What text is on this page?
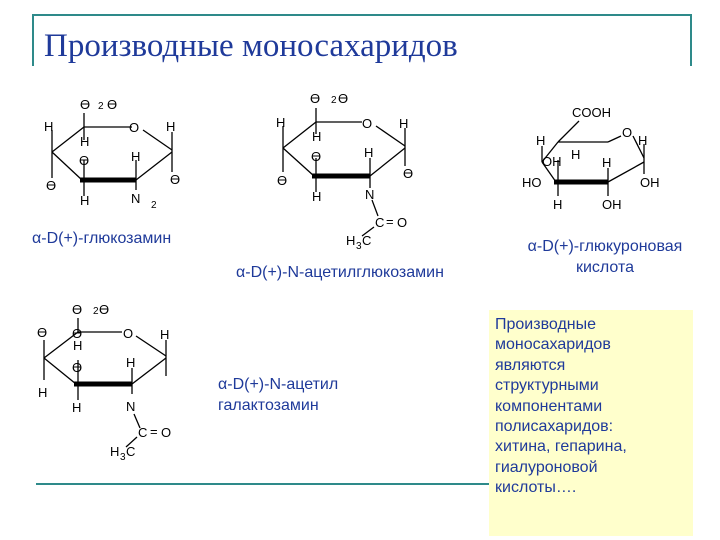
Производные моносахаридов
Ɵ 2 Ɵ
O
H
H
H
H
H
Ɵ
Ɵ	Ɵ
N 2
Ɵ 2 Ɵ
O
H
H
H
H
H
Ɵ
Ɵ	Ɵ
N
C = O
H 3 C
COOH
O
H	H
OH H
HO
H
OH
H	OH
Ɵ 2 Ɵ
O
Ɵ Ɵ
H
H
H
Ɵ	H
H	N
C = O
H 3 C
α-D(+)-глюкозамин
α-D(+)-N-ацетилглюкозамин
α-D(+)-глюкуроновая
кислота
α-D(+)-N-ацетил
галактозамин
Производные
моносахаридов
являются
структурными
компонентами
полисахаридов:
хитина, гепарина,
гиалуроновой
кислоты….
